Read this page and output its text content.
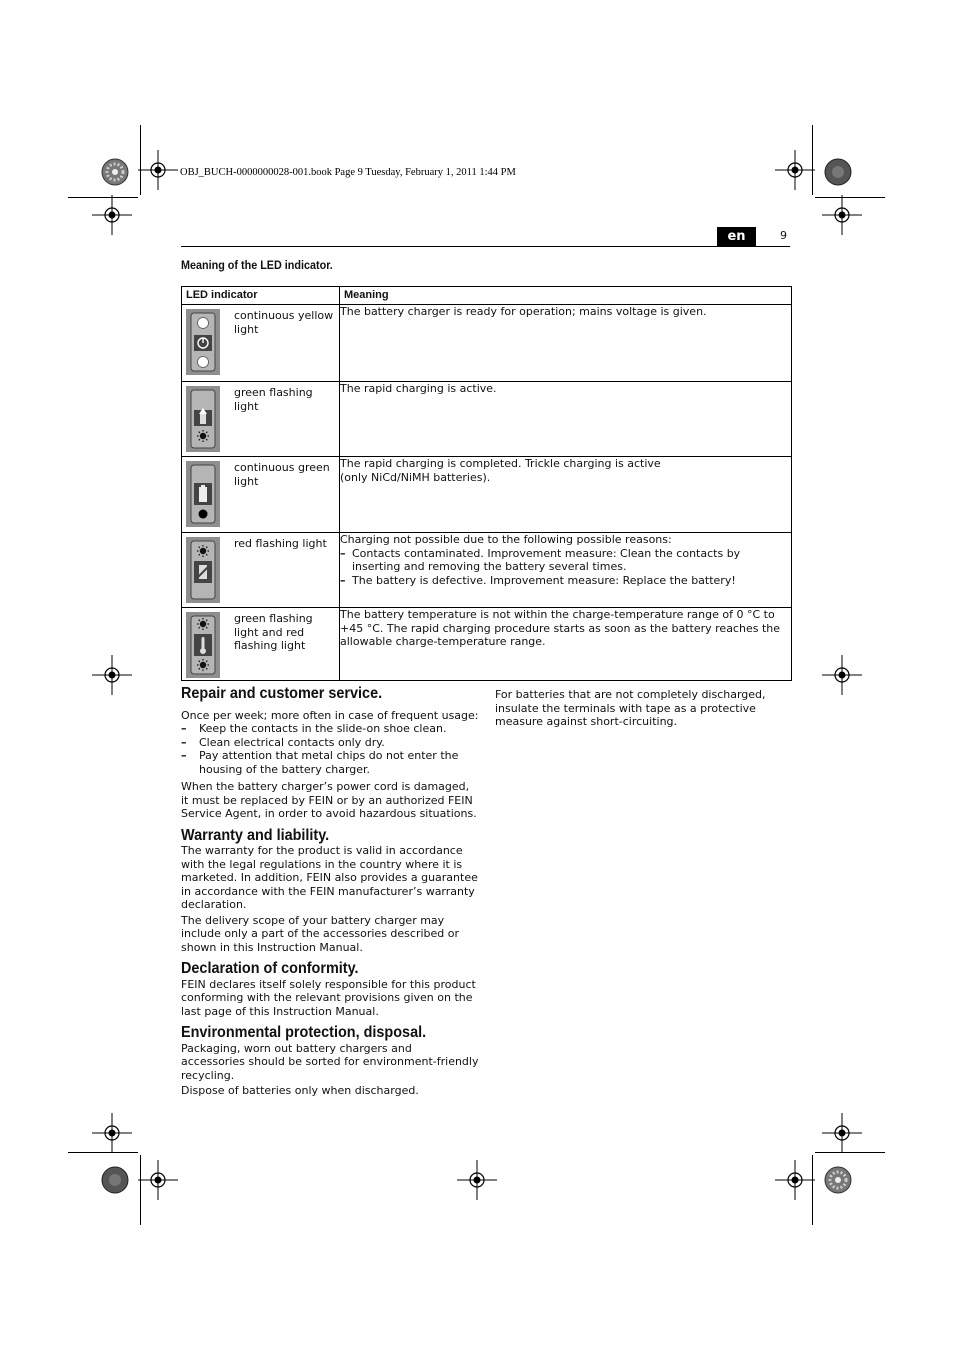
OBJ_BUCH-0000000028-001.book Page 9 Tuesday, February 1, 2011 1:44 PM
en	9
Meaning of the LED indicator.
LED indicator	Meaning

continuous yellow light	The battery charger is ready for operation; mains voltage is given.

green flashing light	The rapid charging is active.

continuous green light	The rapid charging is completed. Trickle charging is active
(only NiCd/NiMH batteries).

red flashing light	Charging not possible due to the following possible reasons:
– Contacts contaminated. Improvement measure: Clean the contacts by inserting and removing the battery several times.
– The battery is defective. Improvement measure: Replace the battery!

green flashing light and red flashing light	The battery temperature is not within the charge-temperature range of 0 °C to +45 °C. The rapid charging procedure starts as soon as the battery reaches the allowable charge-temperature range.
Repair and customer service.

Once per week; more often in case of frequent usage:

– Keep the contacts in the slide-on shoe clean.
– Clean electrical contacts only dry.
– Pay attention that metal chips do not enter the housing of the battery charger.

When the battery charger’s power cord is damaged, it must be replaced by FEIN or by an authorized FEIN Service Agent, in order to avoid hazardous situations.

Warranty and liability.

The warranty for the product is valid in accordance with the legal regulations in the country where it is marketed. In addition, FEIN also provides a guarantee in accordance with the FEIN manufacturer’s warranty declaration.

The delivery scope of your battery charger may include only a part of the accessories described or shown in this Instruction Manual.

Declaration of conformity.

FEIN declares itself solely responsible for this product conforming with the relevant provisions given on the last page of this Instruction Manual.

Environmental protection, disposal.

Packaging, worn out battery chargers and accessories should be sorted for environment-friendly recycling.

Dispose of batteries only when discharged.

For batteries that are not completely discharged, insulate the terminals with tape as a protective measure against short-circuiting.
